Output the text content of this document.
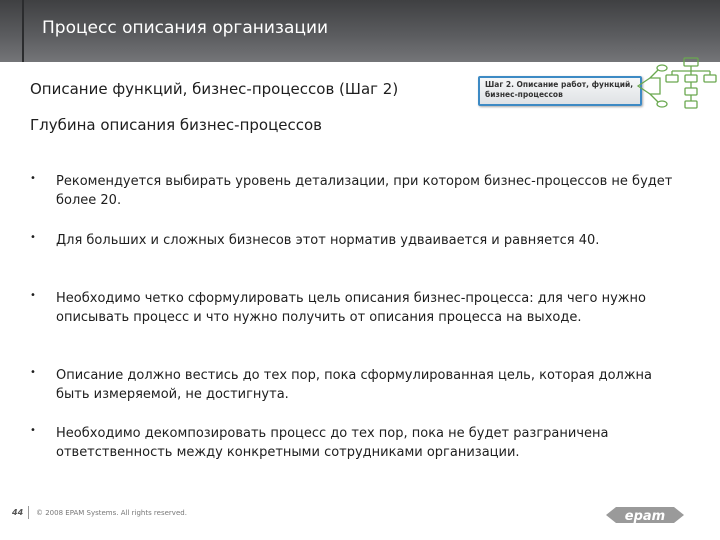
Процесс описания организации
Описание функций, бизнес-процессов (Шаг 2)	Шаг 2. Описание работ, функций, бизнес-процессов
Глубина описания бизнес-процессов
• Рекомендуется выбирать уровень детализации, при котором бизнес-процессов не будет более 20.
• Для больших и сложных бизнесов этот норматив удваивается и равняется 40.
• Необходимо четко сформулировать цель описания бизнес-процесса: для чего нужно описывать процесс и что нужно получить от описания процесса на выходе.
• Описание должно вестись до тех пор, пока сформулированная цель, которая должна быть измеряемой, не достигнута.
• Необходимо декомпозировать процесс до тех пор, пока не будет разграничена ответственность между конкретными сотрудниками организации.
44 © 2008 EPAM Systems. All rights reserved.	epam
